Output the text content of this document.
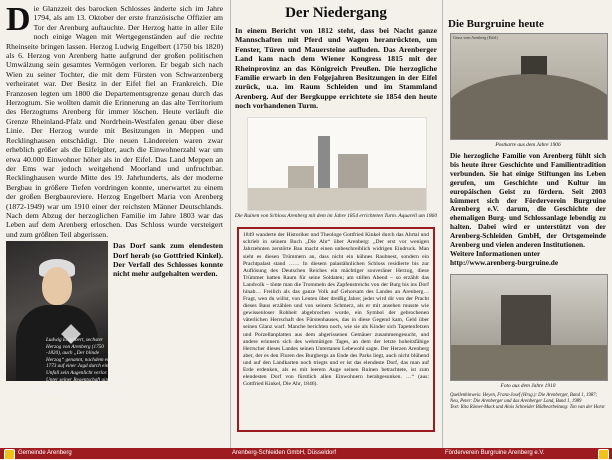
Die Glanzzeit des barocken Schlosses änderte sich im Jahre 1794, als am 13. Oktober der erste französische Offizier am Tor der Arenburg auftauchte. Der Herzog hatte in aller Eile noch einige Wagen mit Wertgegenständen auf die rechte Rheinseite bringen lassen. Herzog Ludwig Engelbert (1750 bis 1820) als 6. Herzog von Arenberg hatte aufgrund der großen politischen Umwälzung sein gesamtes Vermögen verloren. Er begab sich nach Wien zu seiner Tochter, die mit dem Fürsten von Schwarzenberg verheiratet war. Der Besitz in der Eifel fiel an Frankreich. Die Franzosen legten um 1800 die Departementsgrenze genau durch das Herzogtum. Sie wollten damit die Erinnerung an das alte Territorium des Herzogtums Arenberg für immer löschen. Heute verläuft die Grenze Rheinland-Pfalz und Nordrhein-Westfalen genau über diese Linie. Der Herzog wurde mit Besitzungen in Meppen und Recklinghausen entschädigt. Die neuen Ländereien waren zwar erheblich größer als die Eifelgüter, auch die Einwohnerzahl war um etwa 40.000 Einwohner höher als in der Eifel. Das Land Meppen an der Ems war jedoch weitgehend Moorland und unfruchtbar. Recklinghausen wurde Mitte des 19. Jahrhunderts, als der moderne Bergbau in größere Tiefen vordringen konnte, unerwartet zu einem der großen Bergbaureviere. Herzog Engelbert Maria von Arenberg (1872-1949) war um 1910 einer der reichsten Männer Deutschlands. Nach dem Abzug der herzoglichen Familie im Jahre 1803 war das Leben auf dem Arenberg erloschen. Das Schloss wurde versteigert und zum größten Teil abgerissen.

Das Dorf sank zum elendesten Dorf herab (so Gottfried Kinkel). Der Verfall des Schlosses konnte nicht mehr aufgehalten werden.

Ludwig Engelbert, sechster Herzog von Arenberg (1750 -1820), auch „Der blinde Herzog“ genannt, nachdem er 1773 auf einer Jagd durch einen Unfall sein Augenlicht verlor. Unter seiner Regentschaft gingen das barocke Schloss und die Besitzungen in der Eifel verloren.
Der Niedergang

In einem Bericht von 1812 steht, dass bei Nacht ganze Mannschaften mit Pferd und Wagen heranrückten, um Fenster, Türen und Mauersteine aufluden. Das Arenberger Land kam nach dem Wiener Kongress 1815 mit der Rheinprovinz an das Königreich Preußen. Die herzogliche Familie erwarb in den Folgejahren Besitzungen in der Eifel zurück, u.a. im Raum Schleiden und im Stammland Arenberg. Auf der Bergkuppe errichtete sie 1854 den heute noch vorhandenen Turm.

Die Ruinen von Schloss Arenberg mit dem im Jahre 1854 errichteten Turm. Aquarell um 1860
1849 wanderte der Historiker und Theologe Gottfried Kinkel durch das Ahrtal und schrieb in seinem Buch „Die Ahr“ über Arenberg: „Der erst vor wenigen Jahrzehnten zerstörte Bau macht einen unbeschreiblich widrigen Eindruck. Man sieht es diesen Trümmern an, dass nicht ein kühnes Raubnest, sondern ein Prachtpalast stand …… In diesem palastähnlichen Schloss residierte bis zur Auflösung des Deutschen Reiches ein mächtiger souveräner Herzog, diese Trümmer hatten Raum für seine Soldaten; am stillen Abend – so erzählt das Landvolk – tönte man die Trommeln des Zapfenstreichs von der Burg bis ins Dorf hinab… Freilich als das ganze Volk auf Gehorsam des Landes an Arenberg… Fragt, wen du willst, von Leuten über dreißig Jahre; jeder wird dir von der Pracht dieses Baus erzählen und von seinem Schmerz, als er mit ansehen musste wie gewissenloser Rohheit abgebrochen wurde, ein Symbol der gebrochenen väterlichen Herrschaft des Fürstenhauses, das in diese Gegend kam, Geld über seinen Glanz warf. Manche berichten noch, wie sie als Kinder sich Tapetenfetzen und Porzellanplatten aus dem abgerissenen Gemäuer zusammengesucht, und andere erinnern sich des wehmütigen Tages, an dem der letzte hoheitsfähige Herrscher dieses Landes seinen Untertanen Lebewohl sagte. Der Herzen Arenberg aber, der es den Fluren des Burgbergs an Ende des Parks liegt, auch nicht blühend und auf den Landkarten noch triegts und er ist das elendeste Dorf, das man auf Erde erdenken, als es mit leerem Auge seinen Ruinen betrachtete, ist zum elendesten Dorf von fürstlich allen Einwohnern herabgesunken. …“ (aus: Gottfried Kinkel, Die Ahr, 1846).
Die Burgruine heute
Gruss vom Arenberg (Eifel)
Postkarte aus dem Jahre 1906

Die herzogliche Familie von Arenberg fühlt sich bis heute ihrer Geschichte und Familientradition verbunden. Sie hat einige Stiftungen ins Leben gerufen, um Geschichte und Kultur im europäischen Geist zu fördern. Seit 2003 kümmert sich der Förderverein Burgruine Arenberg e.V. darum, die Geschichte der ehemaligen Burg- und Schlossanlage lebendig zu halten. Dabei wird er unterstützt von der Arenberg-Schleiden GmbH, der Ortsgemeinde Arenberg und vielen anderen Institutionen.

Weitere Informationen unter

http://www.arenberg-burgruine.de

Foto aus dem Jahre 1910
Quellenhinweis: Heyen, Franz-Josef (Hrsg.): Die Arenberger, Band 1, 1987; Neu, Peter: Die Arenberger und das Arenberger Land, Band 1, 1989
Text: Rita Römer-Mack und Alois Schneider Bildbearbeitung: Ton van der Horst
Gemeinde Arenberg	Arenberg-Schleiden GmbH, Düsseldorf	Förderverein Burgruine Arenberg e.V.
